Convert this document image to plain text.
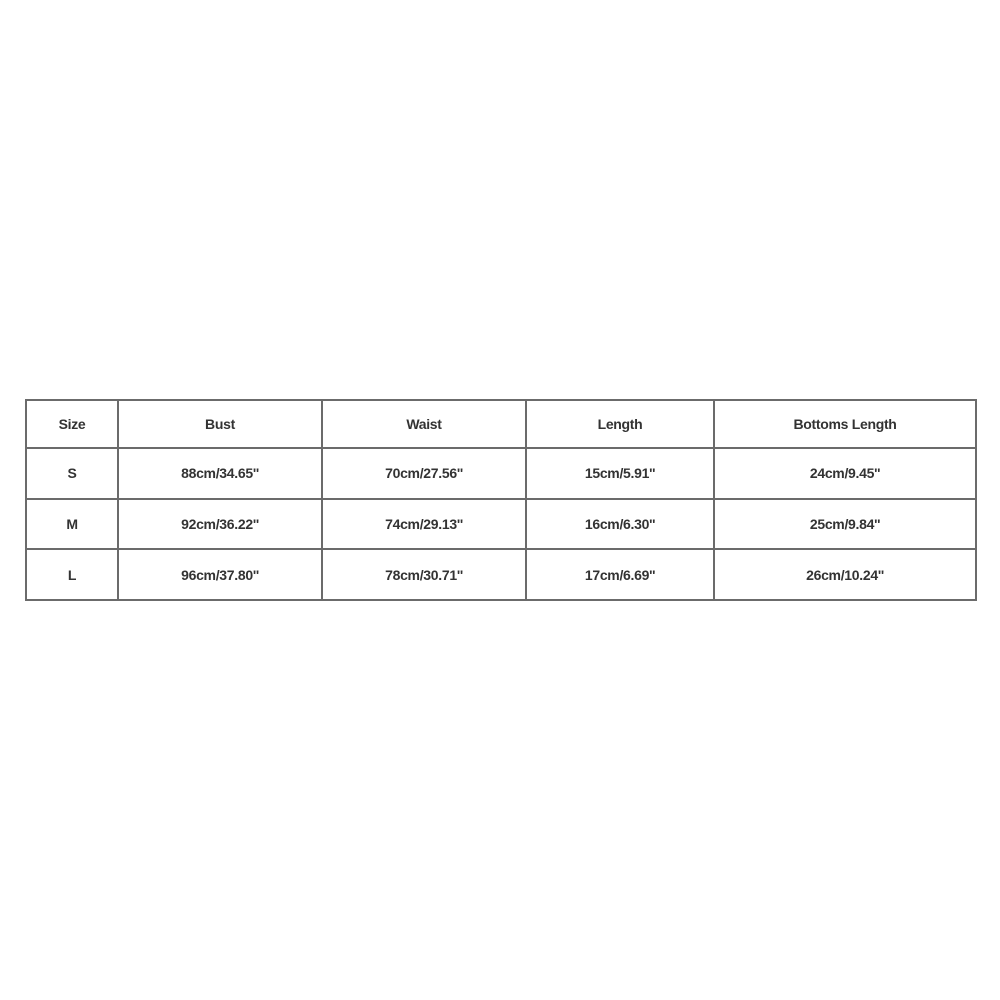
Size	Bust	Waist	Length	Bottoms Length
S	88cm/34.65''	70cm/27.56''	15cm/5.91''	24cm/9.45''
M	92cm/36.22''	74cm/29.13''	16cm/6.30''	25cm/9.84''
L	96cm/37.80''	78cm/30.71''	17cm/6.69''	26cm/10.24''
